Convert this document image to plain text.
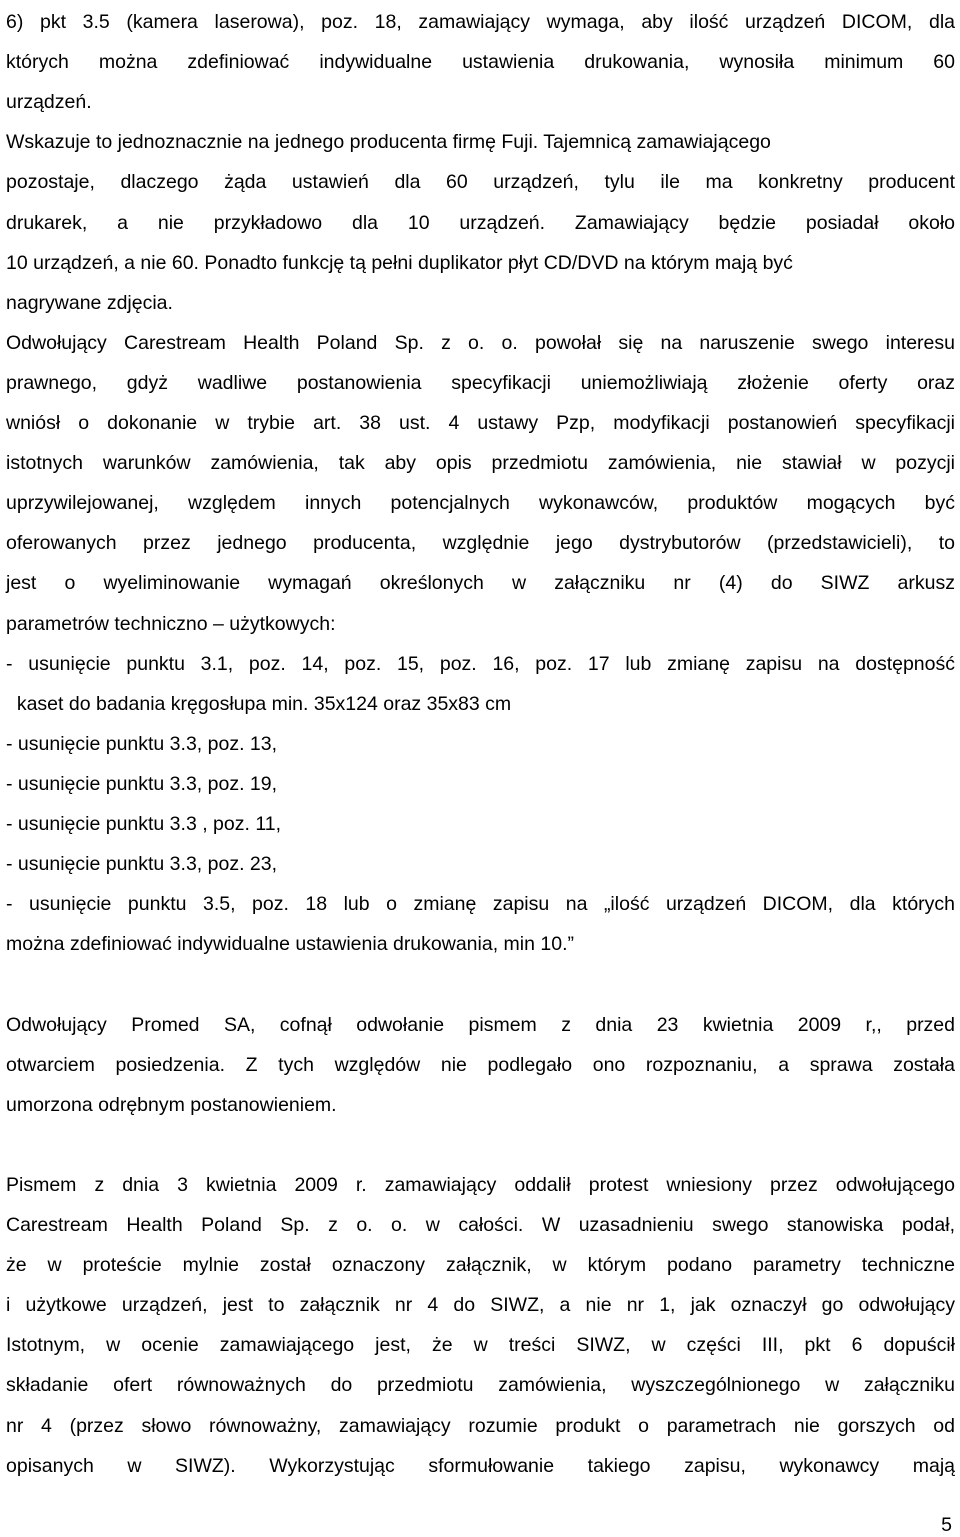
6) pkt 3.5 (kamera laserowa), poz. 18, zamawiający wymaga, aby ilość urządzeń DICOM, dla
których można zdefiniować indywidualne ustawienia drukowania, wynosiła minimum 60
urządzeń.
Wskazuje to jednoznacznie na jednego producenta firmę Fuji. Tajemnicą zamawiającego
pozostaje, dlaczego żąda ustawień dla 60 urządzeń, tylu ile ma konkretny producent
drukarek, a nie przykładowo dla 10 urządzeń. Zamawiający będzie posiadał około
10 urządzeń, a nie 60. Ponadto funkcję tą pełni duplikator płyt CD/DVD na którym mają być
nagrywane zdjęcia.
Odwołujący Carestream Health Poland Sp. z o. o. powołał się na naruszenie swego interesu
prawnego, gdyż wadliwe postanowienia specyfikacji uniemożliwiają złożenie oferty oraz
wniósł o dokonanie w trybie art. 38 ust. 4 ustawy Pzp, modyfikacji postanowień specyfikacji
istotnych warunków zamówienia, tak aby opis przedmiotu zamówienia, nie stawiał w pozycji
uprzywilejowanej, względem innych potencjalnych wykonawców, produktów mogących być
oferowanych przez jednego producenta, względnie jego dystrybutorów (przedstawicieli), to
jest o wyeliminowanie wymagań określonych w załączniku nr (4) do SIWZ arkusz
parametrów techniczno – użytkowych:
- usunięcie punktu 3.1, poz. 14, poz. 15, poz. 16, poz. 17 lub zmianę zapisu na dostępność
kaset do badania kręgosłupa min. 35x124 oraz 35x83 cm
- usunięcie punktu 3.3, poz. 13,
- usunięcie punktu 3.3, poz. 19,
- usunięcie punktu 3.3 , poz. 11,
- usunięcie punktu 3.3, poz. 23,
- usunięcie punktu 3.5, poz. 18 lub o zmianę zapisu na „ilość urządzeń DICOM, dla których
można zdefiniować indywidualne ustawienia drukowania, min 10.”
Odwołujący Promed SA, cofnął odwołanie pismem z dnia 23 kwietnia 2009 r,, przed
otwarciem posiedzenia. Z tych względów nie podlegało ono rozpoznaniu, a sprawa została
umorzona odrębnym postanowieniem.
Pismem z dnia 3 kwietnia 2009 r. zamawiający oddalił protest wniesiony przez odwołującego
Carestream Health Poland Sp. z o. o. w całości. W uzasadnieniu swego stanowiska podał,
że w proteście mylnie został oznaczony załącznik, w którym podano parametry techniczne
i użytkowe urządzeń, jest to załącznik nr 4 do SIWZ, a nie nr 1, jak oznaczył go odwołujący
Istotnym, w ocenie zamawiającego jest, że w treści SIWZ, w części III, pkt 6 dopuścił
składanie ofert równoważnych do przedmiotu zamówienia, wyszczególnionego w załączniku
nr 4 (przez słowo równoważny, zamawiający rozumie produkt o parametrach nie gorszych od
opisanych w SIWZ). Wykorzystując sformułowanie takiego zapisu, wykonawcy mają
5
